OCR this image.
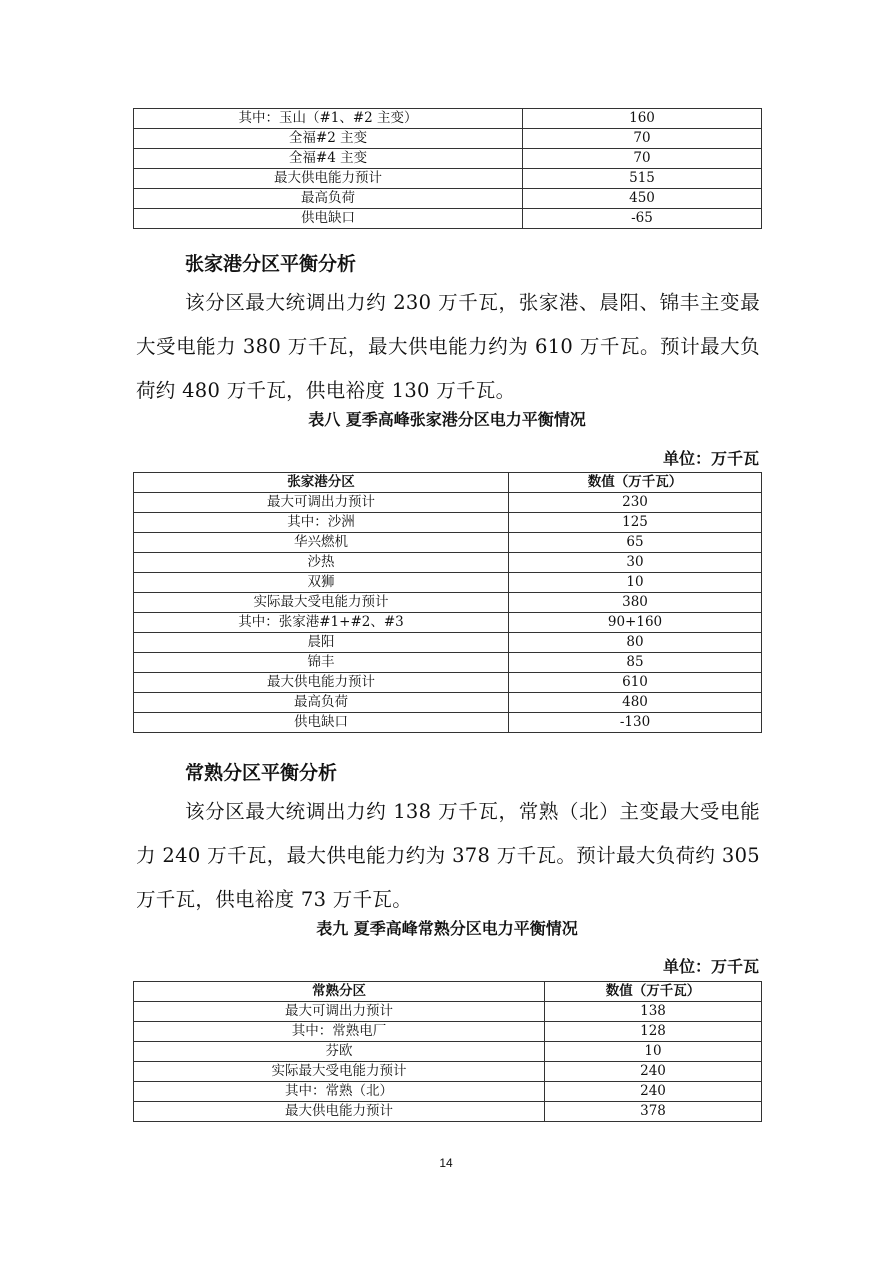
其中：玉山（#1、#2 主变）	160
全福#2 主变	70
全福#4 主变	70
最大供电能力预计	515
最高负荷	450
供电缺口	-65
张家港分区平衡分析

该分区最大统调出力约 230 万千瓦，张家港、晨阳、锦丰主变最大受电能力 380 万千瓦，最大供电能力约为 610 万千瓦。预计最大负荷约 480 万千瓦，供电裕度 130 万千瓦。

表八 夏季高峰张家港分区电力平衡情况
单位：万千瓦
张家港分区	数值（万千瓦）
最大可调出力预计	230
其中：沙洲	125
华兴燃机	65
沙热	30
双狮	10
实际最大受电能力预计	380
其中：张家港#1+#2、#3	90+160
晨阳	80
锦丰	85
最大供电能力预计	610
最高负荷	480
供电缺口	-130
常熟分区平衡分析

该分区最大统调出力约 138 万千瓦，常熟（北）主变最大受电能力 240 万千瓦，最大供电能力约为 378 万千瓦。预计最大负荷约 305 万千瓦，供电裕度 73 万千瓦。

表九 夏季高峰常熟分区电力平衡情况
单位：万千瓦
常熟分区	数值（万千瓦）
最大可调出力预计	138
其中：常熟电厂	128
芬欧	10
实际最大受电能力预计	240
其中：常熟（北）	240
最大供电能力预计	378
14
